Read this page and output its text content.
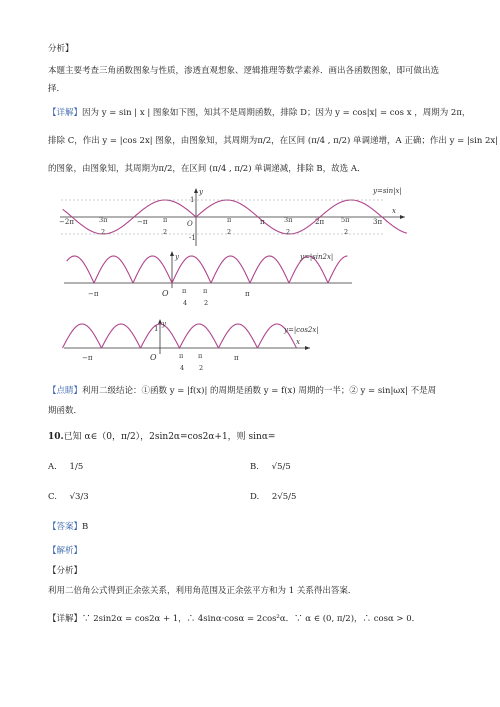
分析】
本题主要考查三角函数图象与性质，渗透直观想象、逻辑推理等数学素养．画出各函数图象，即可做出选
择．
【详解】因为 y = sin | x | 图象如下图，知其不是周期函数，排除 D；因为 y = cos|x| = cos x ，周期为 2π，
排除 C，作出 y = |cos 2x| 图象，由图象知，其周期为π/2，在区间 (π/4 , π/2) 单调递增，A 正确；作出 y = |sin 2x|
的图象，由图象知，其周期为π/2，在区间 (π/4 , π/2) 单调递减，排除 B，故选 A．
y=sin|x|
y
x
1
-1
O
−2π	3π
2
−π π
2
π
2
π	3π
2
2π	5π
2
3π
y=|sin2x|
y
O
−π	π
π
4
π
2
y=|cos2x|
y
x
1
O
−π	π
π
4
π
2
【点睛】利用二级结论：①函数 y = |f(x)| 的周期是函数 y = f(x) 周期的一半；② y = sin|ωx| 不是周
期函数．
10.已知 α∈（0，π/2），2sin2α=cos2α+1，则 sinα=
A. 1/5	B. √5/5
C. √3/3	D. 2√5/5
【答案】B
【解析】
【分析】
利用二倍角公式得到正余弦关系，利用角范围及正余弦平方和为 1 关系得出答案．
【详解】∵ 2sin2α = cos2α + 1，∴ 4sinα·cosα = 2cos²α．∵ α ∈ (0, π/2)，∴ cosα > 0．
